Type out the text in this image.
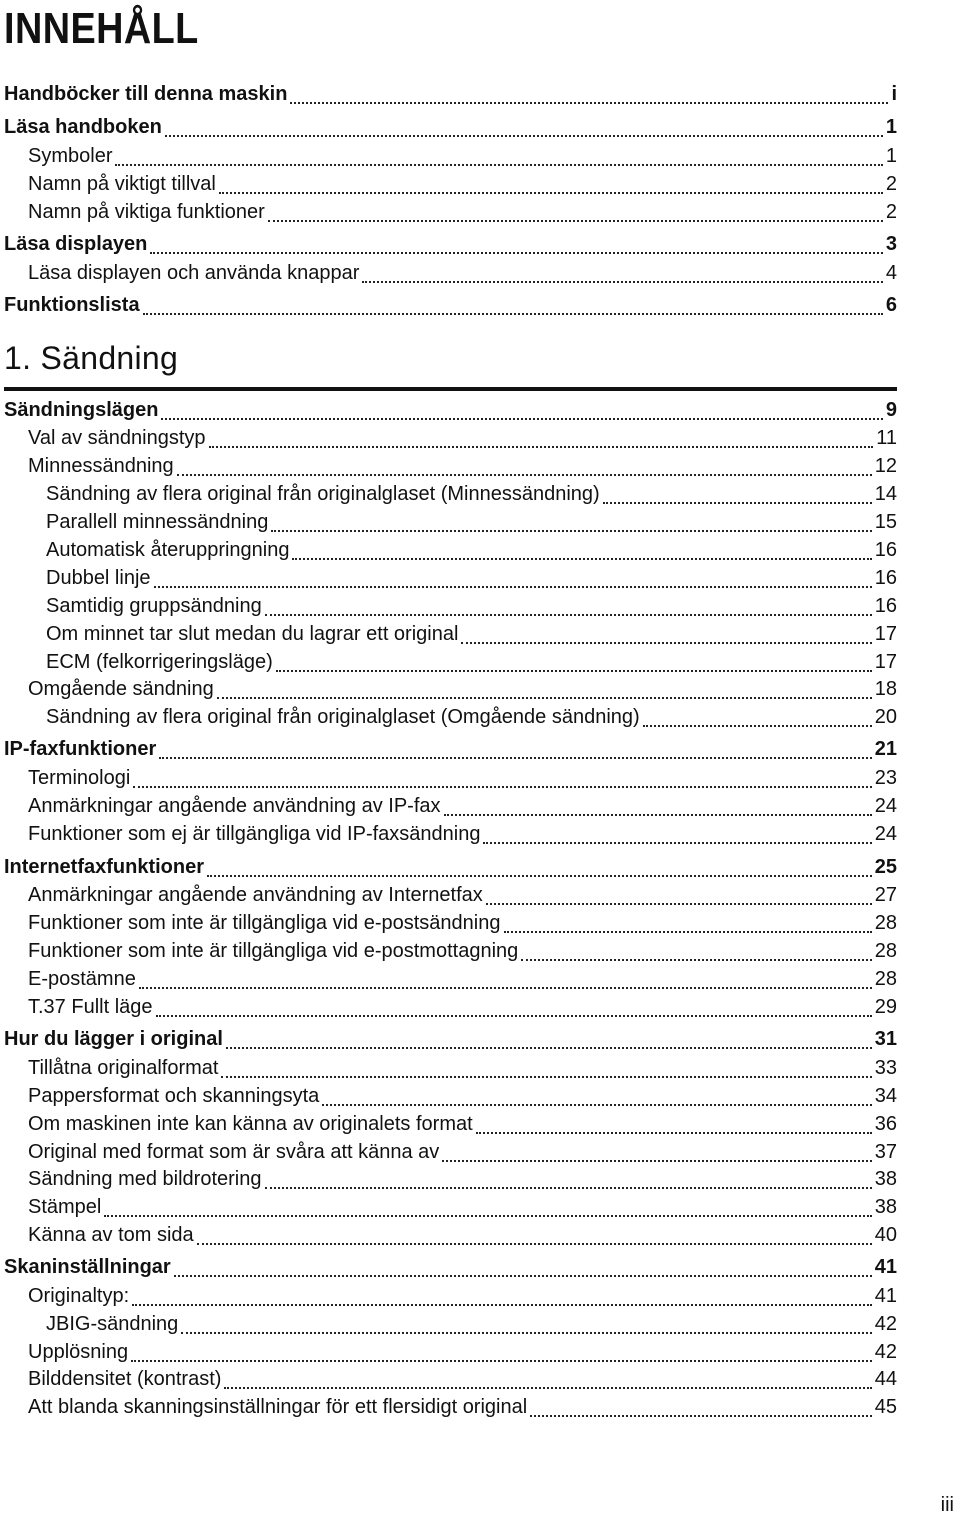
INNEHÅLL
Handböcker till denna maskin	i
Läsa handboken	1
Symboler	1
Namn på viktigt tillval	2
Namn på viktiga funktioner	2
Läsa displayen	3
Läsa displayen och använda knappar	4
Funktionslista	6
1. Sändning
Sändningslägen	9
Val av sändningstyp	11
Minnessändning	12
Sändning av flera original från originalglaset (Minnessändning)	14
Parallell minnessändning	15
Automatisk återuppringning	16
Dubbel linje	16
Samtidig gruppsändning	16
Om minnet tar slut medan du lagrar ett original	17
ECM (felkorrigeringsläge)	17
Omgående sändning	18
Sändning av flera original från originalglaset (Omgående sändning)	20
IP-faxfunktioner	21
Terminologi	23
Anmärkningar angående användning av IP-fax	24
Funktioner som ej är tillgängliga vid IP-faxsändning	24
Internetfaxfunktioner	25
Anmärkningar angående användning av Internetfax	27
Funktioner som inte är tillgängliga vid e-postsändning	28
Funktioner som inte är tillgängliga vid e-postmottagning	28
E-postämne	28
T.37 Fullt läge	29
Hur du lägger i original	31
Tillåtna originalformat	33
Pappersformat och skanningsyta	34
Om maskinen inte kan känna av originalets format	36
Original med format som är svåra att känna av	37
Sändning med bildrotering	38
Stämpel	38
Känna av tom sida	40
Skaninställningar	41
Originaltyp:	41
JBIG-sändning	42
Upplösning	42
Bilddensitet (kontrast)	44
Att blanda skanningsinställningar för ett flersidigt original	45
iii
